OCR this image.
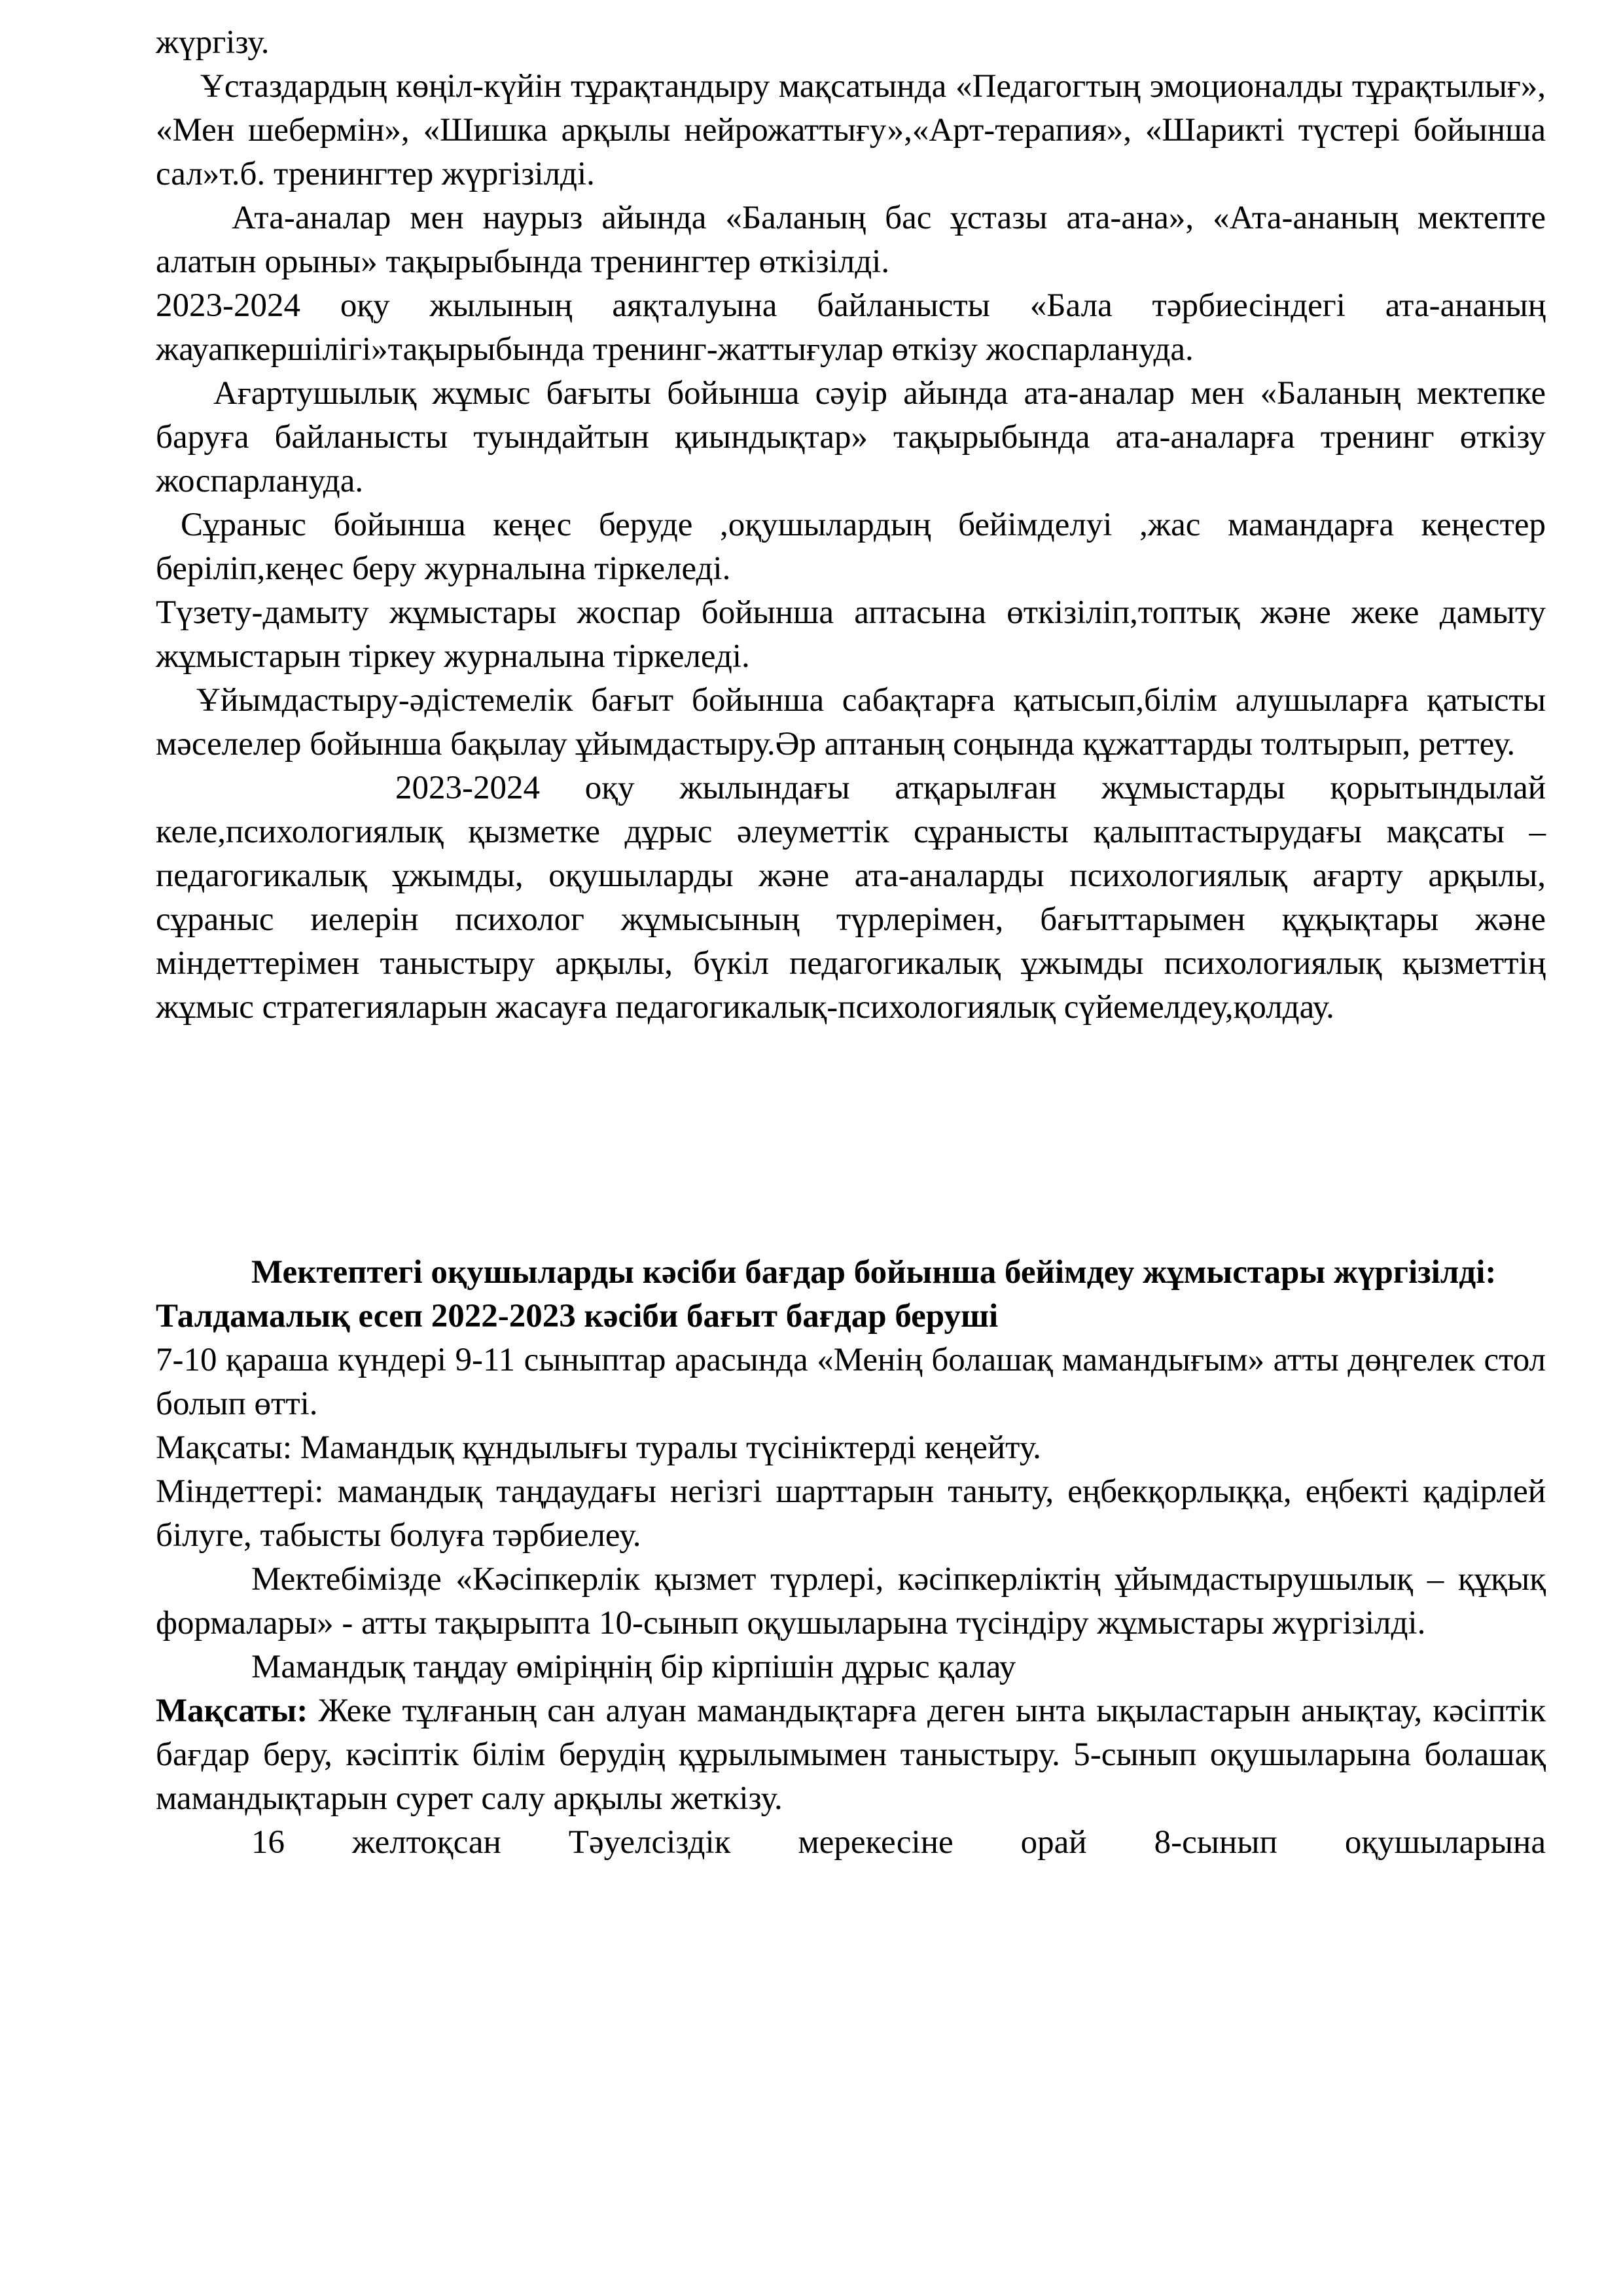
жүргізу.

Ұстаздардың көңіл-күйін тұрақтандыру мақсатында «Педагогтың эмоционалды тұрақтылығ», «Мен шебермін», «Шишка арқылы нейрожаттығу»,«Арт-терапия», «Шарикті түстері бойынша сал»т.б. тренингтер жүргізілді.

Ата-аналар мен наурыз айында «Баланың бас ұстазы ата-ана», «Ата-ананың мектепте алатын орыны» тақырыбында тренингтер өткізілді.

2023-2024 оқу жылының аяқталуына байланысты «Бала тәрбиесіндегі ата-ананың жауапкершілігі»тақырыбында тренинг-жаттығулар өткізу жоспарлануда.

Ағартушылық жұмыс бағыты бойынша сәуір айында ата-аналар мен «Баланың мектепке баруға байланысты туындайтын қиындықтар» тақырыбында ата-аналарға тренинг өткізу жоспарлануда.

Сұраныс бойынша кеңес беруде ,оқушылардың бейімделуі ,жас мамандарға кеңестер беріліп,кеңес беру журналына тіркеледі.

Түзету-дамыту жұмыстары жоспар бойынша аптасына өткізіліп,топтық және жеке дамыту жұмыстарын тіркеу журналына тіркеледі.

Ұйымдастыру-әдістемелік бағыт бойынша сабақтарға қатысып,білім алушыларға қатысты мәселелер бойынша бақылау ұйымдастыру.Әр аптаның соңында құжаттарды толтырып, реттеу.

2023-2024 оқу жылындағы атқарылған жұмыстарды қорытындылай келе,психологиялық қызметке дұрыс әлеуметтік сұранысты қалыптастырудағы мақсаты – педагогикалық ұжымды, оқушыларды және ата-аналарды психологиялық ағарту арқылы, сұраныс иелерін психолог жұмысының түрлерімен, бағыттарымен құқықтары және міндеттерімен таныстыру арқылы, бүкіл педагогикалық ұжымды психологиялық қызметтің жұмыс стратегияларын жасауға педагогикалық-психологиялық сүйемелдеу,қолдау.

Мектептегі оқушыларды кәсіби бағдар бойынша бейімдеу жұмыстары жүргізілді:

Талдамалық есеп 2022-2023 кәсіби бағыт бағдар беруші

7-10 қараша күндері 9-11 сыныптар арасында «Менің болашақ мамандығым» атты дөңгелек стол болып өтті.

Мақсаты: Мамандық құндылығы туралы түсініктерді кеңейту.

Міндеттері: мамандық таңдаудағы негізгі шарттарын таныту, еңбекқорлыққа, еңбекті қадірлей білуге, табысты болуға тәрбиелеу.

Мектебімізде «Кәсіпкерлік қызмет түрлері, кәсіпкерліктің ұйымдастырушылық – құқық формалары» - атты тақырыпта 10-сынып оқушыларына түсіндіру жұмыстары жүргізілді.

Мамандық таңдау өміріңнің бір кірпішін дұрыс қалау

Мақсаты: Жеке тұлғаның сан алуан мамандықтарға деген ынта ықыластарын анықтау, кәсіптік бағдар беру, кәсіптік білім берудің құрылымымен таныстыру. 5-сынып оқушыларына болашақ мамандықтарын сурет салу арқылы жеткізу.

16 желтоқсан Тәуелсіздік мерекесіне орай 8-сынып оқушыларына
